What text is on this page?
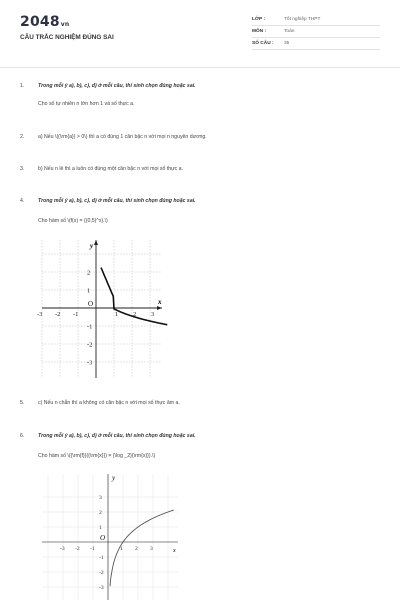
2048vn
CÂU TRẮC NGHIỆM ĐÚNG SAI
LỚP :	Tốt nghiệp THPT
MÔN :	Toán
SỐ CÂU :	35
1.	Trong mỗi ý a), b), c), d) ở mỗi câu, thí sinh chọn đúng hoặc sai.
Cho số tự nhiên n lớn hơn 1 và số thực a.
2.	a) Nếu \((\rm{a}) > 0\) thì a có đúng 1 căn bậc n với mọi n nguyên dương.
3.	b) Nếu n lẻ thì a luôn có đúng một căn bậc n với mọi số thực a.
4.	Trong mỗi ý a), b), c), d) ở mỗi câu, thí sinh chọn đúng hoặc sai.
Cho hàm số \(f(x) = {(0,5)^x}.\)
y
x
O
-3 -2 -1	1 2 3
2
1
-1
-2
-3
5.	c) Nếu n chẵn thì a không có căn bậc n với mọi số thực âm a.
6.	Trong mỗi ý a), b), c), d) ở mỗi câu, thí sinh chọn đúng hoặc sai.
Cho hàm số \({\rm{f}}({\rm{x}}) = {\log _2}{\rm{x}}).\)
y
x
O
-3 -2 -1	1 2 3
3
2
1
-1
-2
-3
